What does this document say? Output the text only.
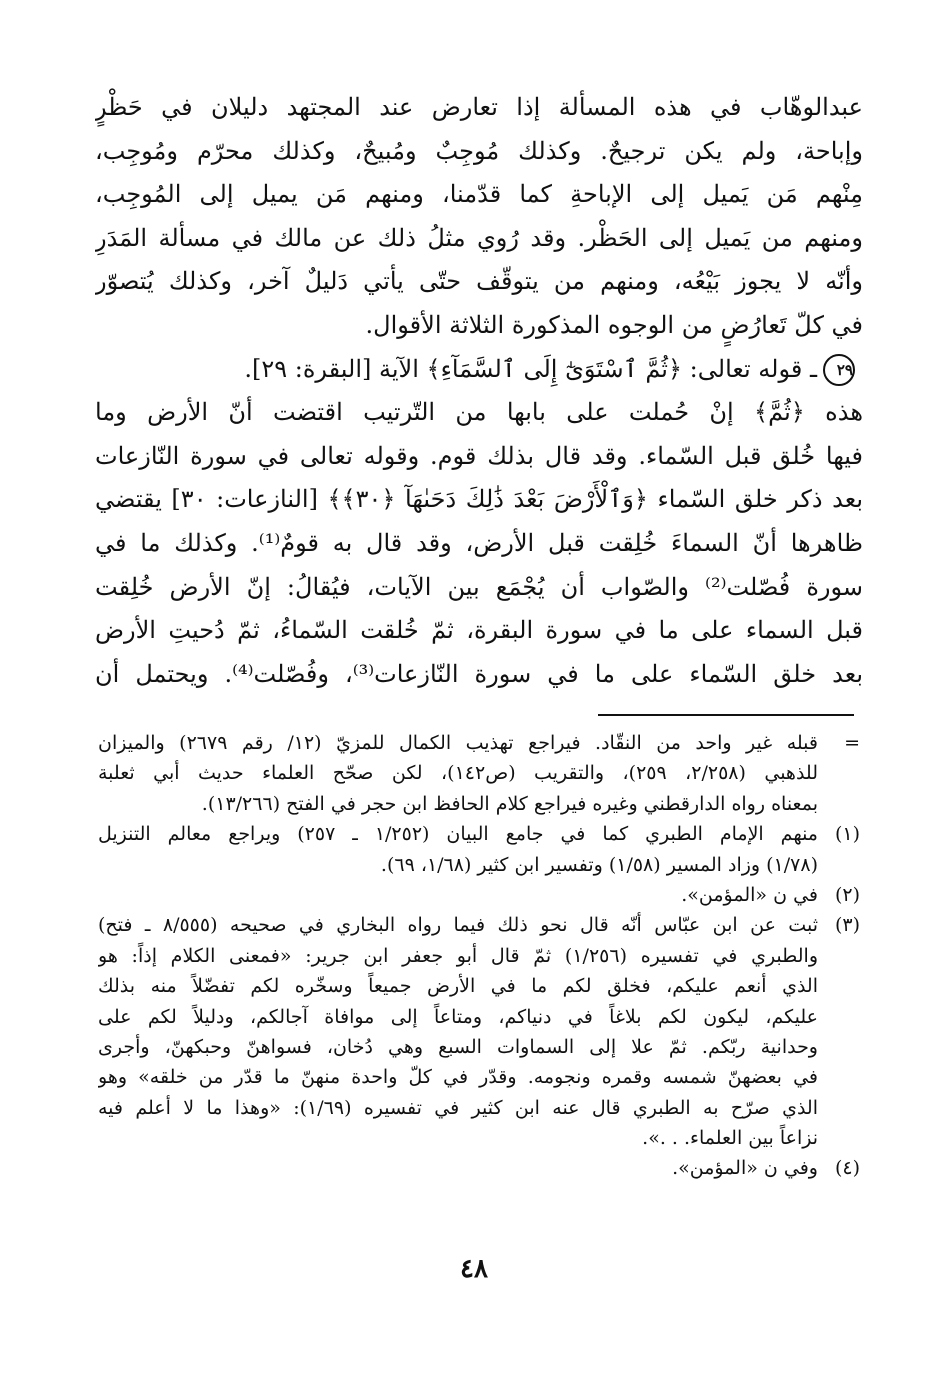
عبدالوهّاب في هذه المسألة إذا تعارض عند المجتهد دليلان في حَظْرٍ
وإباحة، ولم يكن ترجيحٌ. وكذلك مُوجِبٌ ومُبيحٌ، وكذلك محرّم ومُوجِب،
مِنْهم مَن يَميل إلى الإباحةِ كما قدّمنا، ومنهم مَن يميل إلى المُوجِب،
ومنهم من يَميل إلى الحَظْر. وقد رُوي مثلُ ذلك عن مالك في مسألة المَدَرِ
وأنّه لا يجوز بَيْعُه، ومنهم من يتوقّف حتّى يأتي دَليلٌ آخر، وكذلك يُتصوّر
في كلّ تَعارُضٍ من الوجوه المذكورة الثلاثة الأقوال.
٢٩ـ قوله تعالى: ﴿ثُمَّ ٱسْتَوَىٰٓ إِلَى ٱلسَّمَآءِ﴾ الآية [البقرة: ٢٩].
هذه ﴿ثُمَّ﴾ إنْ حُملت على بابها من التّرتيب اقتضت أنّ الأرض وما
فيها خُلق قبل السّماء. وقد قال بذلك قوم. وقوله تعالى في سورة النّازعات
بعد ذكر خلق السّماء ﴿وَٱلْأَرْضَ بَعْدَ ذَٰلِكَ دَحَىٰهَآ ﴿٣٠﴾﴾ [النازعات: ٣٠] يقتضي
ظاهرها أنّ السماءَ خُلِقت قبل الأرض، وقد قال به قومٌ⁽¹⁾. وكذلك ما في
سورة فُصّلت⁽²⁾ والصّواب أن يُجْمَع بين الآيات، فيُقالُ: إنّ الأرض خُلِقت
قبل السماء على ما في سورة البقرة، ثمّ خُلقت السّماءُ، ثمّ دُحيتِ الأرض
بعد خلق السّماء على ما في سورة النّازعات⁽³⁾، وفُصّلت⁽⁴⁾. ويحتمل أن
=
قبله غير واحد من النقّاد. فيراجع تهذيب الكمال للمزيّ (١٢/ رقم ٢٦٧٩) والميزان
للذهبي (٢/٢٥٨، ٢٥٩)، والتقريب (ص١٤٢)، لكن صحّح العلماء حديث أبي ثعلبة
بمعناه رواه الدارقطني وغيره فيراجع كلام الحافظ ابن حجر في الفتح (١٣/٢٦٦).
(١)
منهم الإمام الطبري كما في جامع البيان (١/٢٥٢ ـ ٢٥٧) ويراجع معالم التنزيل
(١/٧٨) وزاد المسير (١/٥٨) وتفسير ابن كثير (١/٦٨، ٦٩).
(٢)
في ن «المؤمن».
(٣)
ثبت عن ابن عبّاس أنّه قال نحو ذلك فيما رواه البخاري في صحيحه (٨/٥٥٥ ـ فتح)
والطبري في تفسيره (١/٢٥٦) ثمّ قال أبو جعفر ابن جرير: «فمعنى الكلام إذاً: هو
الذي أنعم عليكم، فخلق لكم ما في الأرض جميعاً وسخّره لكم تفضّلاً منه بذلك
عليكم، ليكون لكم بلاغاً في دنياكم، ومتاعاً إلى موافاة آجالكم، ودليلاً لكم على
وحدانية ربّكم. ثمّ علا إلى السماوات السبع وهي دُخان، فسواهنّ وحبكهنّ، وأجرى
في بعضهنّ شمسه وقمره ونجومه. وقدّر في كلّ واحدة منهنّ ما قدّر من خلقه» وهو
الذي صرّح به الطبري قال عنه ابن كثير في تفسيره (١/٦٩): «وهذا ما لا أعلم فيه
نزاعاً بين العلماء. . .».
(٤)
وفي ن «المؤمن».
٤٨
